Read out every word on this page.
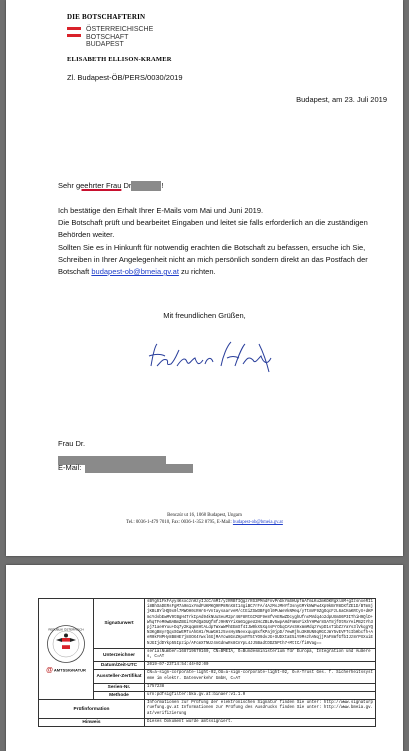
DIE BOTSCHAFTERIN
ÖSTERREICHISCHE
BOTSCHAFT
BUDAPEST
ELISABETH ELLISON-KRAMER
Zl. Budapest-ÖB/PERS/0030/2019
Budapest, am 23. Juli 2019
Sehr geehrter Frau Dr	!

Ich bestätige den Erhalt Ihrer E-Mails vom Mai und Juni 2019.

Die Botschaft prüft und bearbeitet Eingaben und leitet sie falls erforderlich an die zuständigen Behörden weiter.

Sollten Sie es in Hinkunft für notwendig erachten die Botschaft zu befassen, ersuche ich Sie, Schreiben in Ihrer Angelegenheit nicht an mich persönlich sondern direkt an das Postfach der Botschaft budapest-ob@bmeia.gv.at zu richten.

Mit freundlichen Grüßen,
Frau Dr.
E-Mail:
Benczúr ut 16, 1068 Budapest, Ungarn
Tel.: 0036-1-479 7010, Fax: 0036-1-352 8795, E-Mail: budapest-ob@bmeia.gv.at
REPUBLIK ÖSTERREICH
@ AMTSSIGNATUR	Signaturwert	sBYgh1FkFAyy4KsxcznHzyIJcC/mMI/yzRRBTIQgzrRS3PMndFnvPnGkYmSHUpfmATmLKu2mKDKRgXl8M+gIzsnxeRI1i8BhSaDERsFgM7a9m1xYmdFUKMKQ9RP8RnX8t14giBC7rFA/4AzMsJMHYf3snyGMYkNWFw4Xp9kBrR8DXfZE1D/BTm8jjKBLBYlHQ9x0l7MWOH0cRHr6+VntaysaarveM/ctEiZSW3BFg0l0PuWeVkNMeq/yTtmVF9ZgOqcFzL6aCHaKRtyX+dKPmcYdsbEwMV9tBgH4TrkIpAd94kNUuSeuM2pr46F8RtGCM3F9e8fVAERwZDcyghUfnxMVdq4o2dpUXmS6P3IThiH9QlD+WhqTFeM0wBABmZBGiYGPdQaDUQf8fJ9HNYYiXm01gpeU2HcZBLBv5wpAHdFmNsFiXhYHPWr8SAT8jfOtRxYeiPB2tYh3pj71aeHYuu+Dq7y2Kqqm8HtALdpTWxwWPhEEmSf4IJW0kX5Xq4sPrObqCAVsSHxmmMdqzYvpD1sT1bZzYaYs3lVkqgYQN3KgB8yrQqxSGwEMTxAhGH1/MuWGH1z5vsHy8Nevxqug8xfKPaj0jpD/7ewRjhu3K0UN9qRGCJmY5vEVFTcIbHbcfh+AeR0kFNPHy8B8HE7j8XOX4Ywxl6GjMAYcw8GnZHpxRT5tYO9dvJG+SUDXtaE5iY9MszhANqjjPaF8mfGfbIJz8rPXXuiENJGIjdDYkp55Ipzip/AFcmXTNUz4nGdnwRs8CnYpL4JJ5BadtDDZ5Pth7+MttC/fi0Vag==
	Unterzeichner	serialNumber=168719679160, CN=BMEIA, O=Bundesministerium für Europa, Integration und Äußeres, C=AT
	Datum/Zeit-UTC	2019-07-23T14:54:44+02:00
	Aussteller-Zertifikat	CN=a-sign-corporate-light-02,OU=a-sign-corporate-light-02, O=A-Trust Ges. f. Sicherheitssysteme im elektr. Datenverkehr GmbH, C=AT
	Serien-Nr.	1757238
	Methode	urn:pdfsigfilter:bka.gv.at:binaer:v1.1.0
Prüfinformation		Informationen zur Prüfung der elektronischen Signatur finden Sie unter: http://www.signaturpruefung.gv.at Informationen zur Prüfung des Ausdrucks finden Sie unter: http://www.bmeia.gv.at/verifizierung
Hinweis		Dieses Dokument wurde amtssigniert.
